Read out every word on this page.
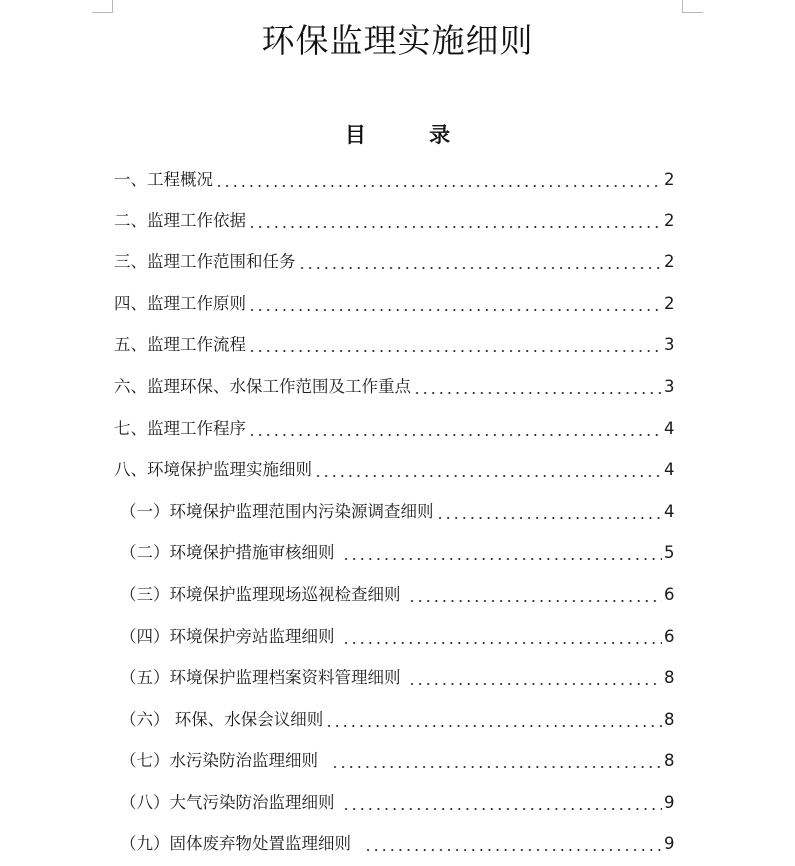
环保监理实施细则
目 录
一、工程概况	2
二、监理工作依据	2
三、监理工作范围和任务	2
四、监理工作原则	2
五、监理工作流程	3
六、监理环保、水保工作范围及工作重点	3
七、监理工作程序	4
八、环境保护监理实施细则	4
（一）环境保护监理范围内污染源调查细则	4
（二）环境保护措施审核细则	5
（三）环境保护监理现场巡视检查细则	6
（四）环境保护旁站监理细则	6
（五）环境保护监理档案资料管理细则	8
（六） 环保、水保会议细则	8
（七）水污染防治监理细则	8
（八）大气污染防治监理细则	9
（九）固体废弃物处置监理细则	9
